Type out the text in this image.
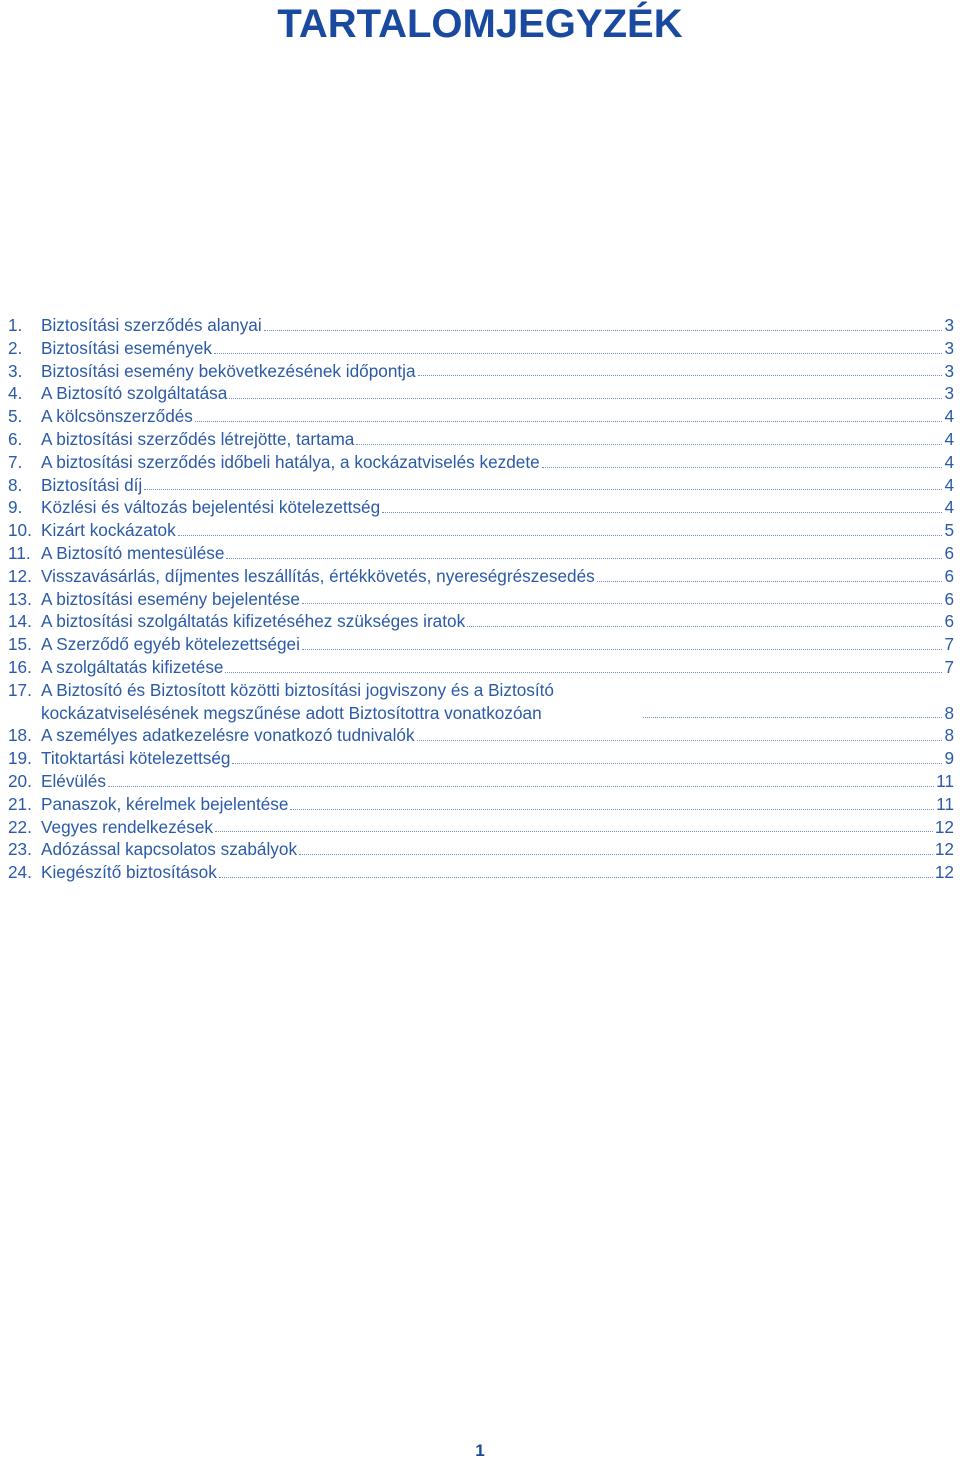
TARTALOMJEGYZÉK
1.	Biztosítási szerződés alanyai	3
2.	Biztosítási események	3
3.	Biztosítási esemény bekövetkezésének időpontja	3
4.	A Biztosító szolgáltatása	3
5.	A kölcsönszerződés	4
6.	A biztosítási szerződés létrejötte, tartama	4
7.	A biztosítási szerződés időbeli hatálya, a kockázatviselés kezdete	4
8.	Biztosítási díj	4
9.	Közlési és változás bejelentési kötelezettség	4
10. Kizárt kockázatok	5
11. A Biztosító mentesülése	6
12. Visszavásárlás, díjmentes leszállítás, értékkövetés, nyereségrészesedés	6
13. A biztosítási esemény bejelentése	6
14. A biztosítási szolgáltatás kifizetéséhez szükséges iratok	6
15. A Szerződő egyéb kötelezettségei	7
16. A szolgáltatás kifizetése	7
17. A Biztosító és Biztosított közötti biztosítási jogviszony és a Biztosító kockázatviselésének megszűnése adott Biztosítottra vonatkozóan	8
18. A személyes adatkezelésre vonatkozó tudnivalók	8
19. Titoktartási kötelezettség	9
20. Elévülés	11
21. Panaszok, kérelmek bejelentése	11
22. Vegyes rendelkezések	12
23. Adózással kapcsolatos szabályok	12
24. Kiegészítő biztosítások	12
1
